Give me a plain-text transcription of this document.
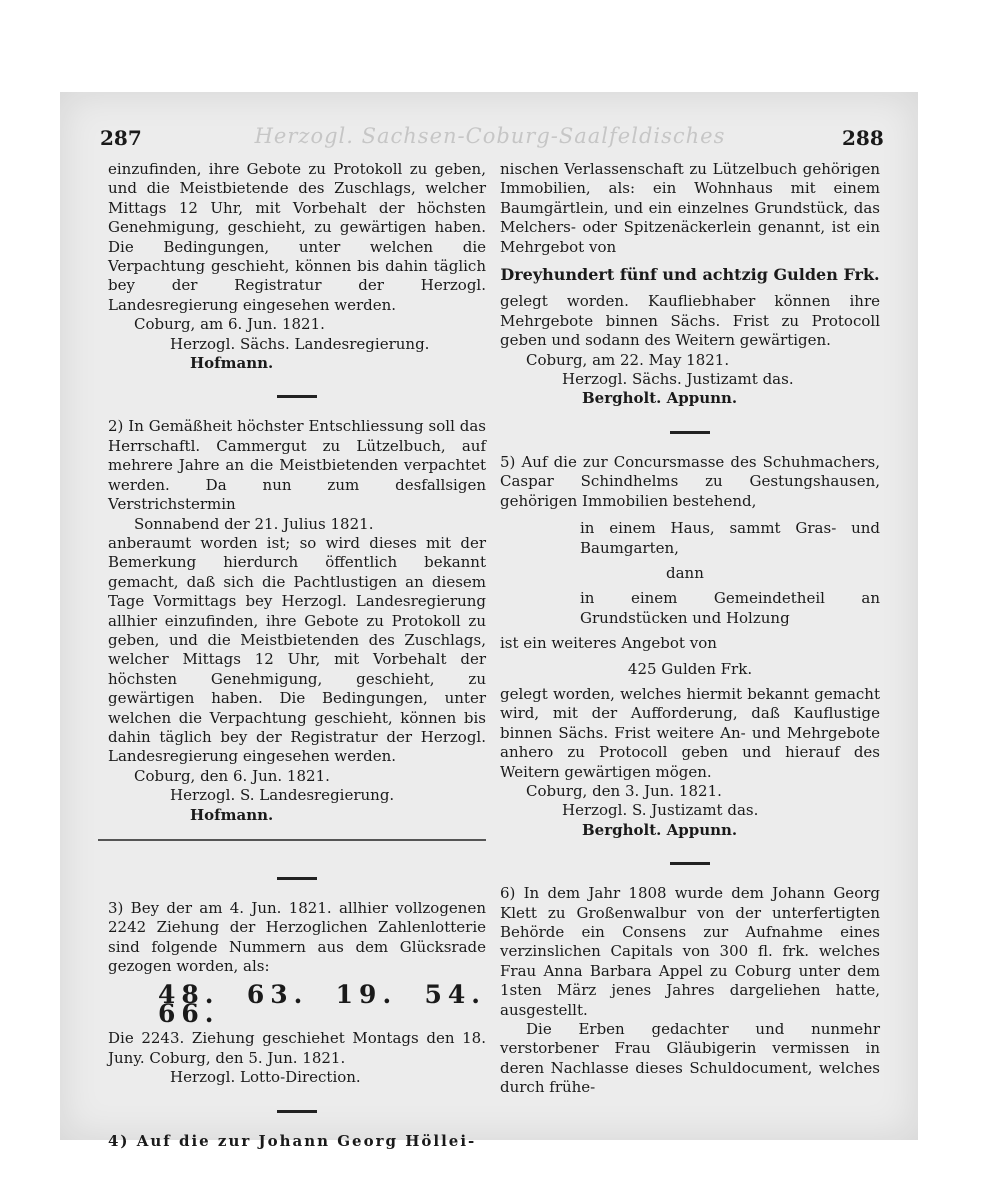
287	Herzogl. Sachsen-Coburg-Saalfeldisches	288

einzufinden, ihre Gebote zu Protokoll zu geben, und die Meistbietende des Zuschlags, welcher Mittags 12 Uhr, mit Vorbehalt der höchsten Genehmigung, geschieht, zu gewärtigen haben. Die Bedingungen, unter welchen die Verpachtung geschieht, können bis dahin täglich bey der Registratur der Herzogl. Landesregierung eingesehen werden.

Coburg, am 6. Jun. 1821.

Herzogl. Sächs. Landesregierung.

Hofmann.

2) In Gemäßheit höchster Entschliessung soll das Herrschaftl. Cammergut zu Lützelbuch, auf mehrere Jahre an die Meistbietenden verpachtet werden. Da nun zum desfallsigen Verstrichstermin

Sonnabend der 21. Julius 1821.

anberaumt worden ist; so wird dieses mit der Bemerkung hierdurch öffentlich bekannt gemacht, daß sich die Pachtlustigen an diesem Tage Vormittags bey Herzogl. Landesregierung allhier einzufinden, ihre Gebote zu Protokoll zu geben, und die Meistbietenden des Zuschlags, welcher Mittags 12 Uhr, mit Vorbehalt der höchsten Genehmigung, geschieht, zu gewärtigen haben. Die Bedingungen, unter welchen die Verpachtung geschieht, können bis dahin täglich bey der Registratur der Herzogl. Landesregierung eingesehen werden.

Coburg, den 6. Jun. 1821.

Herzogl. S. Landesregierung.

Hofmann.

3) Bey der am 4. Jun. 1821. allhier vollzogenen 2242 Ziehung der Herzoglichen Zahlenlotterie sind folgende Nummern aus dem Glücksrade gezogen worden, als:

48. 63. 19. 54. 66.

Die 2243. Ziehung geschiehet Montags den 18. Juny. Coburg, den 5. Jun. 1821.

Herzogl. Lotto-Direction.

4) Auf die zur Johann Georg Höllei-

nischen Verlassenschaft zu Lützelbuch gehörigen Immobilien, als: ein Wohnhaus mit einem Baumgärtlein, und ein einzelnes Grundstück, das Melchers- oder Spitzenäckerlein genannt, ist ein Mehrgebot von

Dreyhundert fünf und achtzig Gulden Frk.

gelegt worden. Kaufliebhaber können ihre Mehrgebote binnen Sächs. Frist zu Protocoll geben und sodann des Weitern gewärtigen.

Coburg, am 22. May 1821.

Herzogl. Sächs. Justizamt das.

Bergholt. Appunn.

5) Auf die zur Concursmasse des Schuhmachers, Caspar Schindhelms zu Gestungshausen, gehörigen Immobilien bestehend,

in einem Haus, sammt Gras- und Baumgarten,

dann

in einem Gemeindetheil an Grundstücken und Holzung

ist ein weiteres Angebot von

425 Gulden Frk.

gelegt worden, welches hiermit bekannt gemacht wird, mit der Aufforderung, daß Kauflustige binnen Sächs. Frist weitere An- und Mehrgebote anhero zu Protocoll geben und hierauf des Weitern gewärtigen mögen.

Coburg, den 3. Jun. 1821.

Herzogl. S. Justizamt das.

Bergholt. Appunn.

6) In dem Jahr 1808 wurde dem Johann Georg Klett zu Großenwalbur von der unterfertigten Behörde ein Consens zur Aufnahme eines verzinslichen Capitals von 300 fl. frk. welches Frau Anna Barbara Appel zu Coburg unter dem 1sten März jenes Jahres dargeliehen hatte, ausgestellt.

Die Erben gedachter und nunmehr verstorbener Frau Gläubigerin vermissen in deren Nachlasse dieses Schuldocument, welches durch frühe-
